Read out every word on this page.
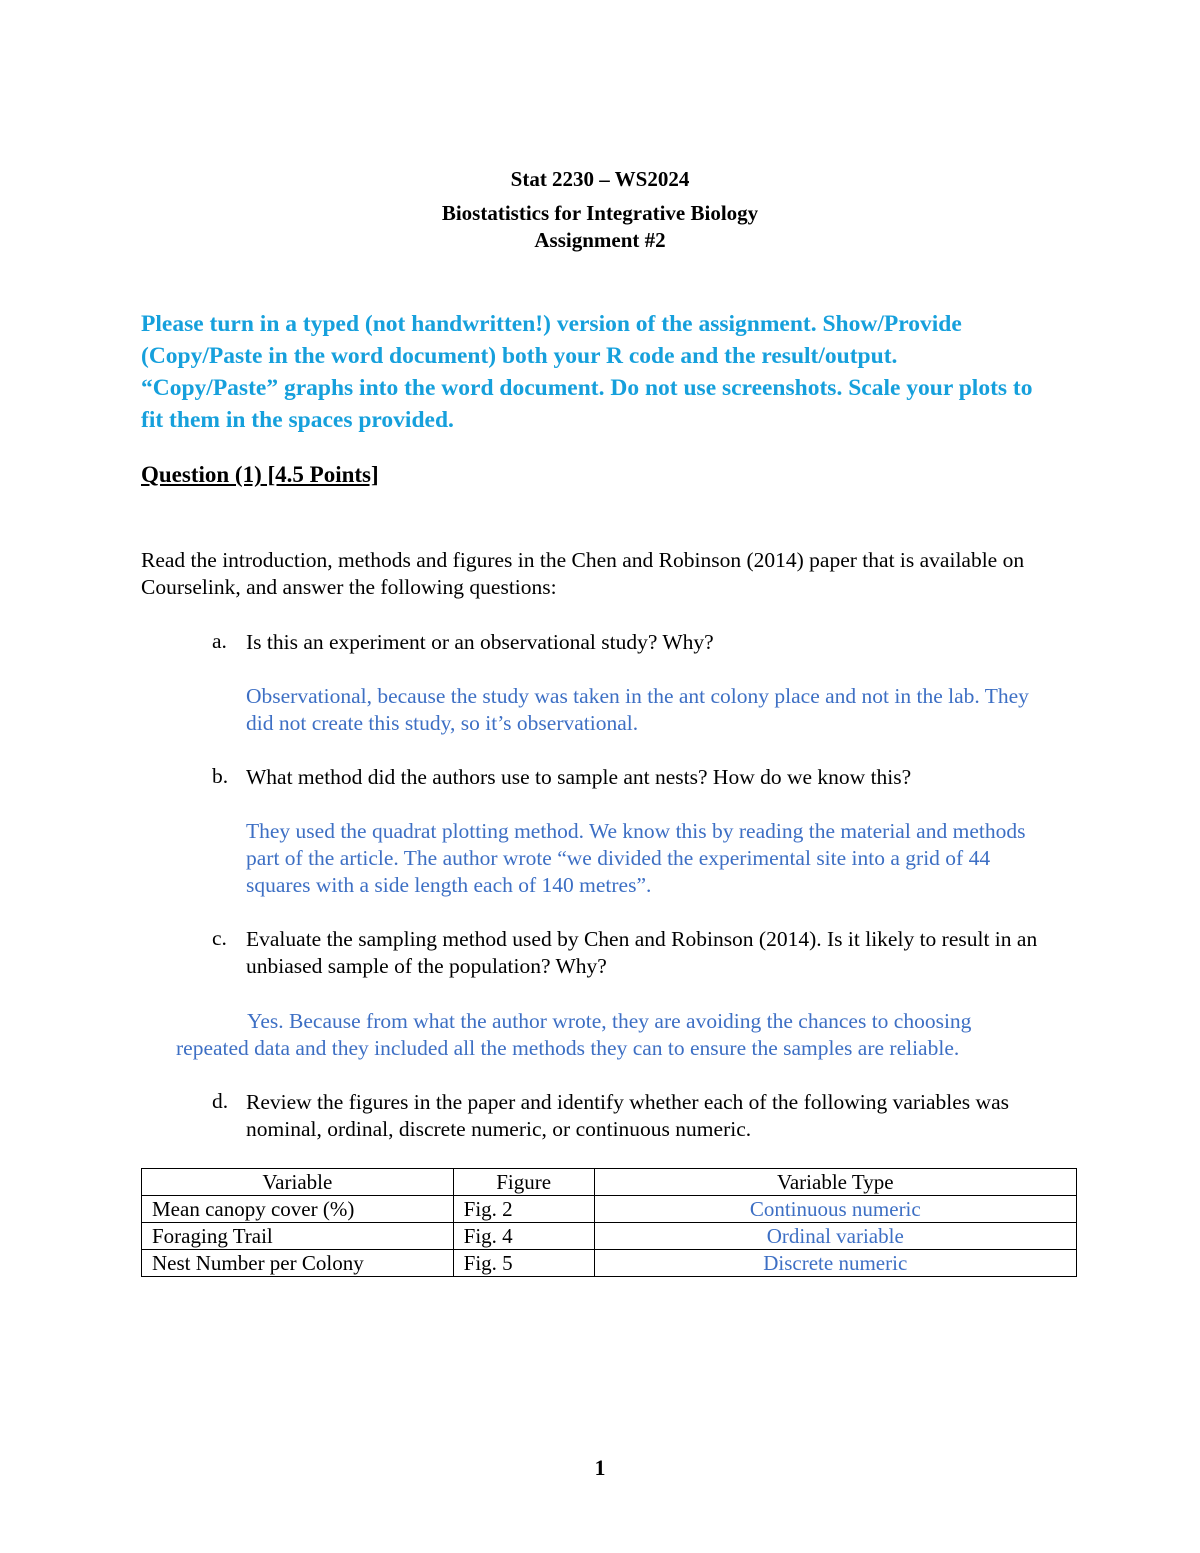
Stat 2230 – WS2024
Biostatistics for Integrative Biology
Assignment #2
Please turn in a typed (not handwritten!) version of the assignment. Show/Provide
(Copy/Paste in the word document) both your R code and the result/output.
“Copy/Paste” graphs into the word document. Do not use screenshots. Scale your plots to
fit them in the spaces provided.
Question (1) [4.5 Points]
Read the introduction, methods and figures in the Chen and Robinson (2014) paper that is available on
Courselink, and answer the following questions:
a. Is this an experiment or an observational study? Why?
Observational, because the study was taken in the ant colony place and not in the lab. They
did not create this study, so it’s observational.
b. What method did the authors use to sample ant nests? How do we know this?
They used the quadrat plotting method. We know this by reading the material and methods
part of the article. The author wrote “we divided the experimental site into a grid of 44
squares with a side length each of 140 metres”.
c. Evaluate the sampling method used by Chen and Robinson (2014). Is it likely to result in an
unbiased sample of the population? Why?
Yes. Because from what the author wrote, they are avoiding the chances to choosing
repeated data and they included all the methods they can to ensure the samples are reliable.
d. Review the figures in the paper and identify whether each of the following variables was
nominal, ordinal, discrete numeric, or continuous numeric.
Variable	Figure	Variable Type
Mean canopy cover (%)	Fig. 2	Continuous numeric
Foraging Trail	Fig. 4	Ordinal variable
Nest Number per Colony	Fig. 5	Discrete numeric
1
